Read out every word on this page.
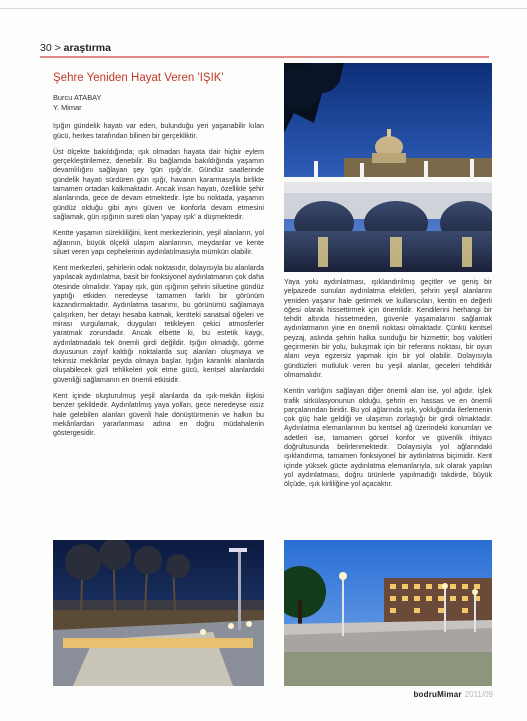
30 > araştırma
Şehre Yeniden Hayat Veren 'IŞIK'
Burcu ATABAY
Y. Mimar

Işığın gündelik hayatı var eden, bulunduğu yeri yaşanabilir kılan gücü, herkes tarafından bilinen bir gerçekliktir.

Üst ölçekte bakıldığında; ışık olmadan hayata dair hiçbir eylem gerçekleştirilemez, denebilir. Bu bağlamda bakıldığında yaşamın devamlılığını sağlayan şey 'gün ışığı'dır. Gündüz saatlerinde gündelik hayatı sürdüren gün ışığı, havanın kararmasıyla birlikte tamamen ortadan kalkmaktadır. Ancak insan hayatı, özellikle şehir alanlarında, gece de devam etmektedir. İşte bu noktada, yaşamın gündüz olduğu gibi aynı güven ve konforla devam etmesini sağlamak, gün ışığının sureti olan 'yapay ışık' a düşmektedir.

Kentte yaşamın sürekliliğini, kent merkezlerinin, yeşil alanların, yol ağlarının, büyük ölçekli ulaşım alanlarının, meydanlar ve kente siluet veren yapı cephelerinin aydınlatılmasıyla mümkün olabilir.

Kent merkezleri, şehirlerin odak noktasıdır, dolayısıyla bu alanlarda yapılacak aydınlatma, basit bir fonksiyonel aydınlatmanın çok daha ötesinde olmalıdır. Yapay ışık, gün ışığının şehrin siluetine gündüz yaptığı etkiden neredeyse tamamen farklı bir görünüm kazandırmaktadır. Aydınlatma tasarımı, bu görünümü sağlamaya çalışırken, her detayı hesaba katmak, kentteki sanatsal öğeleri ve mirası vurgulamak, duyguları tetikleyen çekici atmosferler yaratmak zorundadır. Ancak elbette ki, bu estetik kaygı, aydınlatmadaki tek önemli girdi değildir. Işığın olmadığı, görme duyusunun zayıf kaldığı noktalarda suç alanları oluşmaya ve tekinsiz mekânlar peyda olmaya başlar. Işığın karanlık alanlarda oluşabilecek gizli tehlikeleri yok etme gücü, kentsel alanlardaki güvenliği sağlamanın en önemli etkisidir.

Kent içinde oluşturulmuş yeşil alanlarda da ışık-mekân ilişkisi benzer şekildedir. Aydınlatılmış yaya yolları, gece neredeyse ıssız hale gelebilen alanları güvenli hale dönüştürmenin ve halkın bu mekânlardan yararlanması adına en doğru müdahalenin göstergesidir.

Yaya yolu aydınlatması, ışıklandırılmış geçitler ve geniş bir yelpazede sunulan aydınlatma efektleri, şehrin yeşil alanlarını yeniden yaşanır hale getirmek ve kullanıcıları, kentin en değerli öğesi olarak hissettirmek için önemlidir. Kendilerini herhangi bir tehdit altında hissetmeden, güvenle yaşamalarını sağlamak aydınlatmanın yine en önemli noktası olmaktadır. Çünkü kentsel peyzaj, aslında şehrin halka sunduğu bir hizmettir; boş vakitleri geçirmenin bir yolu, buluşmak için bir referans noktası, bir oyun alanı veya egzersiz yapmak için bir yol olabilir. Dolayısıyla gündüzleri mutluluk veren bu yeşil alanlar, geceleri tehditkâr olmamalıdır.

Kentin varlığını sağlayan diğer önemli alan ise, yol ağıdır. İşlek trafik sirkülasyonunun olduğu, şehrin en hassas ve en önemli parçalarından biridir. Bu yol ağlarında ışık, yokluğunda ilerlemenin çok güç hale geldiği ve ulaşımın zorlaştığı bir girdi olmaktadır. Aydınlatma elemanlarının bu kentsel ağ üzerindeki konumları ve adetleri ise, tamamen görsel konfor ve güvenlik ihtiyacı doğrultusunda belirlenmektedir. Dolayısıyla yol ağlarındaki ışıklandırma, tamamen fonksiyonel bir aydınlatma biçimidir. Kent içinde yüksek gücte aydınlatma elemanlarıyla, sık olarak yapılan yol aydınlatması, doğru ürünlerle yapılmadığı takdirde, büyük ölçüde, ışık kirliliğine yol açacaktır.

bodruMimar 2011/09
